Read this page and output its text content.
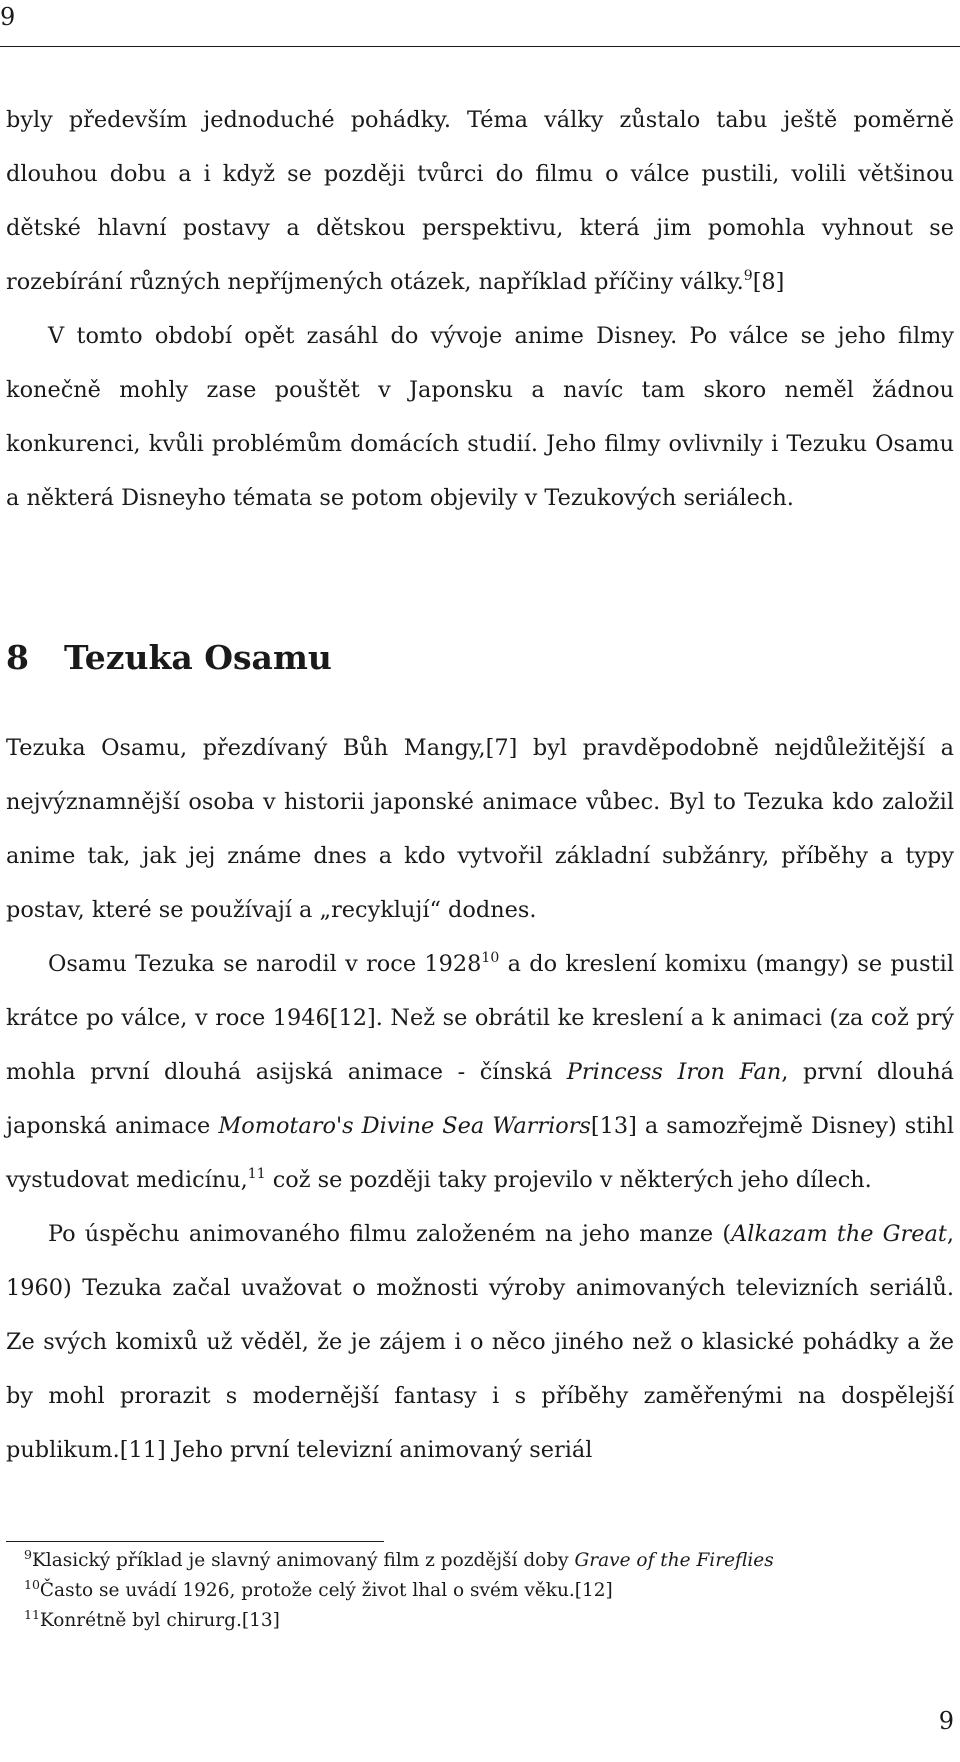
9

byly především jednoduché pohádky. Téma války zůstalo tabu ještě poměrně dlouhou dobu a i když se později tvůrci do filmu o válce pustili, volili většinou dětské hlavní postavy a dětskou perspektivu, která jim pomohla vyhnout se rozebírání různých nepříjmených otázek, například příčiny války.$^9$[8]

V tomto období opět zasáhl do vývoje anime Disney. Po válce se jeho filmy konečně mohly zase pouštět v Japonsku a navíc tam skoro neměl žádnou konkurenci, kvůli problémům domácích studií. Jeho filmy ovlivnily i Tezuku Osamu a některá Disneyho témata se potom objevily v Tezukových seriálech.

8 Tezuka Osamu

Tezuka Osamu, přezdívaný Bůh Mangy,[7] byl pravděpodobně nejdůležitější a nejvýznamnější osoba v historii japonské animace vůbec. Byl to Tezuka kdo založil anime tak, jak jej známe dnes a kdo vytvořil základní subžánry, příběhy a typy postav, které se používají a „recyklují“ dodnes.

Osamu Tezuka se narodil v roce 1928$^{10}$ a do kreslení komixu (mangy) se pustil krátce po válce, v roce 1946[12]. Než se obrátil ke kreslení a k animaci (za což prý mohla první dlouhá asijská animace - čínská Princess Iron Fan, první dlouhá japonská animace Momotaro's Divine Sea Warriors[13] a samozřejmě Disney) stihl vystudovat medicínu,$^{11}$ což se později taky projevilo v některých jeho dílech.

Po úspěchu animovaného filmu založeném na jeho manze (Alkazam the Great, 1960) Tezuka začal uvažovat o možnosti výroby animovaných televizních seriálů. Ze svých komixů už věděl, že je zájem i o něco jiného než o klasické pohádky a že by mohl prorazit s modernější fantasy i s příběhy zaměřenými na dospělejší publikum.[11] Jeho první televizní animovaný seriál

$^9$Klasický příklad je slavný animovaný film z pozdější doby Grave of the Fireflies

$^{10}$Často se uvádí 1926, protože celý život lhal o svém věku.[12]

$^{11}$Konrétně byl chirurg.[13]

9
